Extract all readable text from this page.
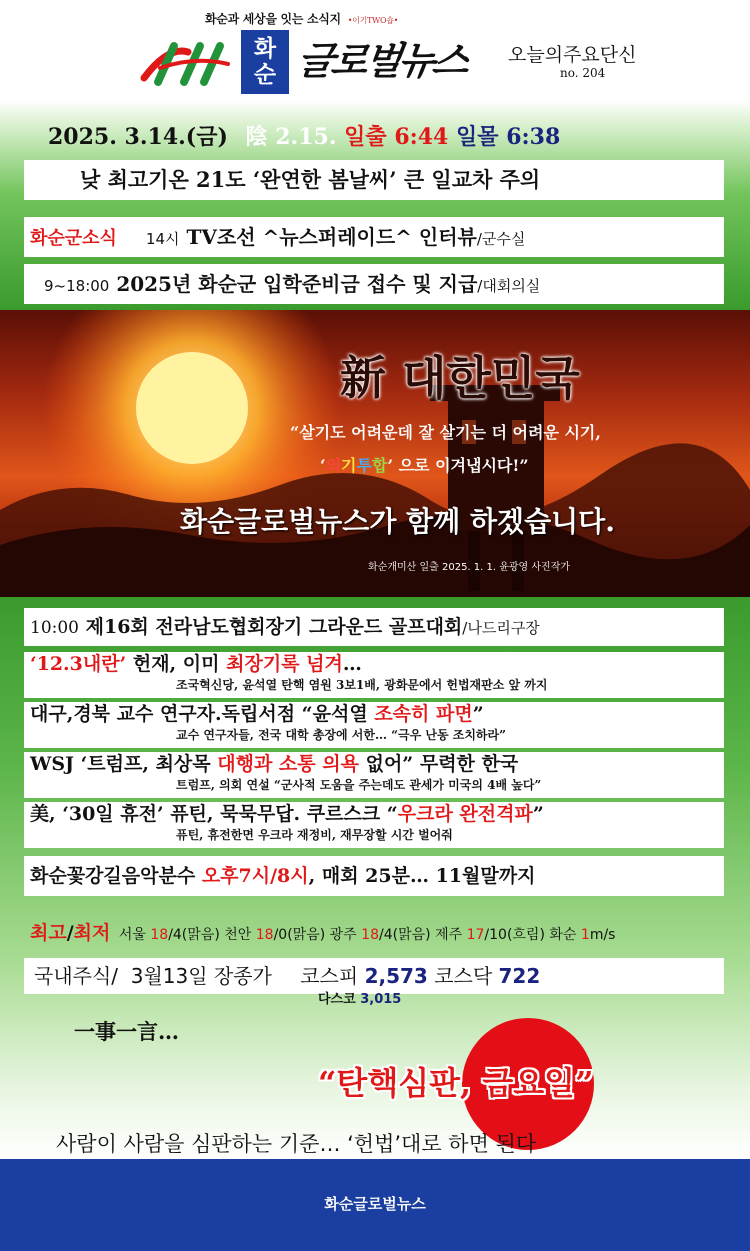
화순과 세상을 잇는 소식지 •이기TWO숍•
화순 글로벌뉴스 오늘의주요단신
no. 204
2025. 3.14.(금) 陰 2.15. 일출 6:44 일몰 6:38
낮 최고기온 21도 ‘완연한 봄날씨’ 큰 일교차 주의
화순군소식 14시 TV조선 ^뉴스퍼레이드^ 인터뷰/군수실
9~18:00 2025년 화순군 입학준비금 접수 및 지급/대회의실
新 대한민국
“살기도 어려운데 잘 살기는 더 어려운 시기,
‘의기투합’ 으로 이겨냅시다!”
화순글로벌뉴스가 함께 하겠습니다.
화순개미산 일출 2025. 1. 1. 윤광영 사진작가
10:00 제16회 전라남도협회장기 그라운드 골프대회/나드리구장
‘12.3내란’ 헌재, 이미 최장기록 넘겨…
조국혁신당, 윤석열 탄핵 염원 3보1배, 광화문에서 헌법재판소 앞 까지
대구,경북 교수 연구자.독립서점 “윤석열 조속히 파면”
교수 연구자들, 전국 대학 총장에 서한… “극우 난동 조치하라”
WSJ ‘트럼프, 최상목 대행과 소통 의욕 없어” 무력한 한국
트럼프, 의회 연설 “군사적 도움을 주는데도 관세가 미국의 4배 높다”
美, ‘30일 휴전’ 퓨틴, 묵묵무답. 쿠르스크 “우크라 완전격파”
퓨틴, 휴전한면 우크라 재정비, 재무장할 시간 벌어줘
화순꽃강길음악분수 오후7시/8시, 매회 25분… 11월말까지
최고/최저 서울 18/4(맑음) 천안 18/0(맑음) 광주 18/4(맑음) 제주 17/10(흐림) 화순 1m/s
국내주식/  3월13일 장종가 코스피 2,573 코스닥 722
다스코 3,015
一事一言…
“탄핵심판, 금요일”
사람이 사람을 심판하는 기준… ‘헌법’대로 하면 된다
화순글로벌뉴스
